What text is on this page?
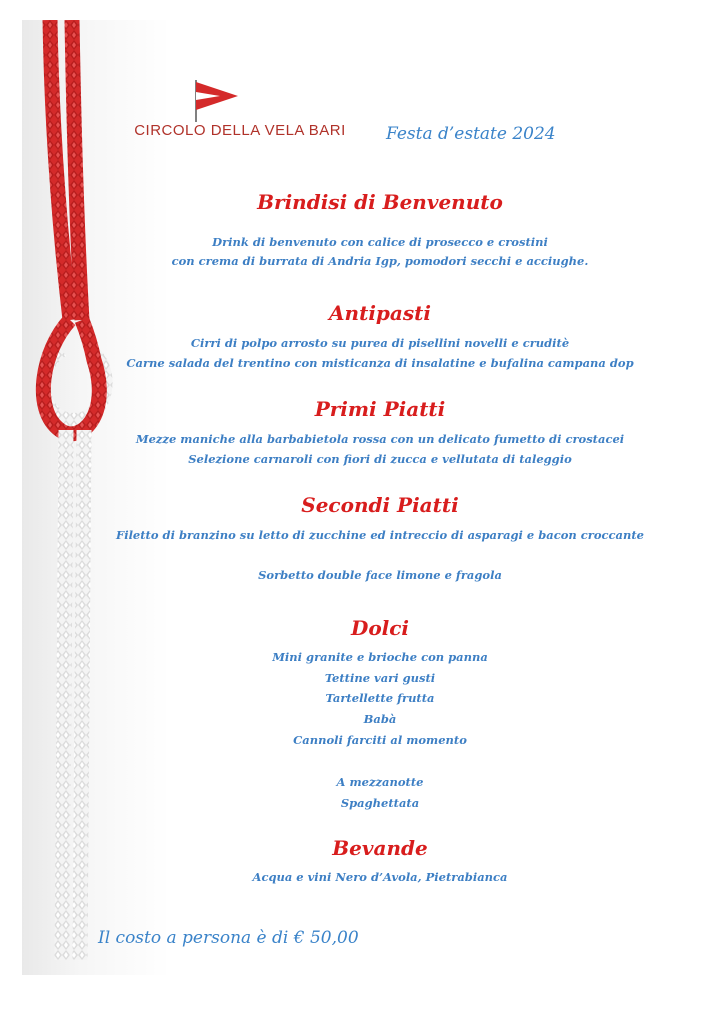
CIRCOLO DELLA VELA BARI	Festa d’estate 2024
Brindisi di Benvenuto
Drink di benvenuto con calice di prosecco e crostini
con crema di burrata di Andria Igp, pomodori secchi e acciughe.
Antipasti
Cirri di polpo arrosto su purea di pisellini novelli e cruditè
Carne salada del trentino con misticanza di insalatine e bufalina campana dop
Primi Piatti
Mezze maniche alla barbabietola rossa con un delicato fumetto di crostacei
Selezione carnaroli con fiori di zucca e vellutata di taleggio
Secondi Piatti
Filetto di branzino su letto di zucchine ed intreccio di asparagi e bacon croccante
Sorbetto double face limone e fragola
Dolci
Mini granite e brioche con panna
Tettine vari gusti
Tartellette frutta
Babà
Cannoli farciti al momento
A mezzanotte
Spaghettata
Bevande
Acqua e vini Nero d’Avola, Pietrabianca
Il costo a persona è di € 50,00
